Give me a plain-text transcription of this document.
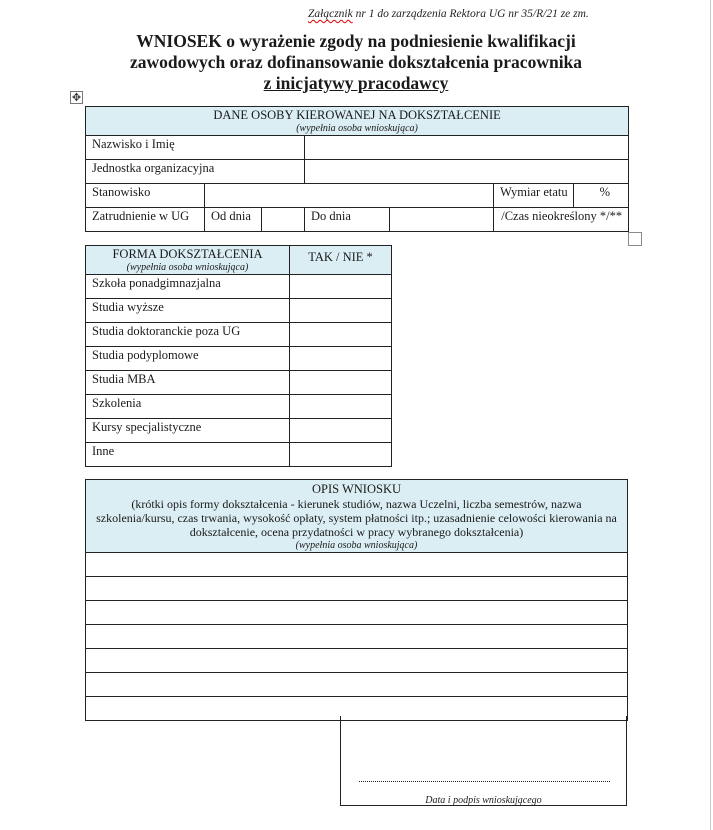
Załącznik nr 1 do zarządzenia Rektora UG nr 35/R/21 ze zm.
WNIOSEK o wyrażenie zgody na podniesienie kwalifikacji
zawodowych oraz dofinansowanie dokształcenia pracownika
z inicjatywy pracodawcy
✥
DANE OSOBY KIEROWANEJ NA DOKSZTAŁCENIE
(wypełnia osoba wnioskująca)						

Nazwisko i Imię						
Jednostka organizacyjna						
Stanowisko					Wymiar etatu	%
Zatrudnienie w UG	Od dnia		Do dnia		/Czas nieokreślony */**	
FORMA DOKSZTAŁCENIA
(wypełnia osoba wnioskująca)	TAK / NIE *

Szkoła ponadgimnazjalna	
Studia wyższe	
Studia doktoranckie poza UG	
Studia podyplomowe	
Studia MBA	
Szkolenia	
Kursy specjalistyczne	
Inne	
OPIS WNIOSKU
(krótki opis formy dokształcenia - kierunek studiów, nazwa Uczelni, liczba semestrów, nazwa szkolenia/kursu, czas trwania, wysokość opłaty, system płatności itp.; uzasadnienie celowości kierowania na dokształcenie, ocena przydatności w pracy wybranego dokształcenia)
(wypełnia osoba wnioskująca)

Data i podpis wnioskującego
